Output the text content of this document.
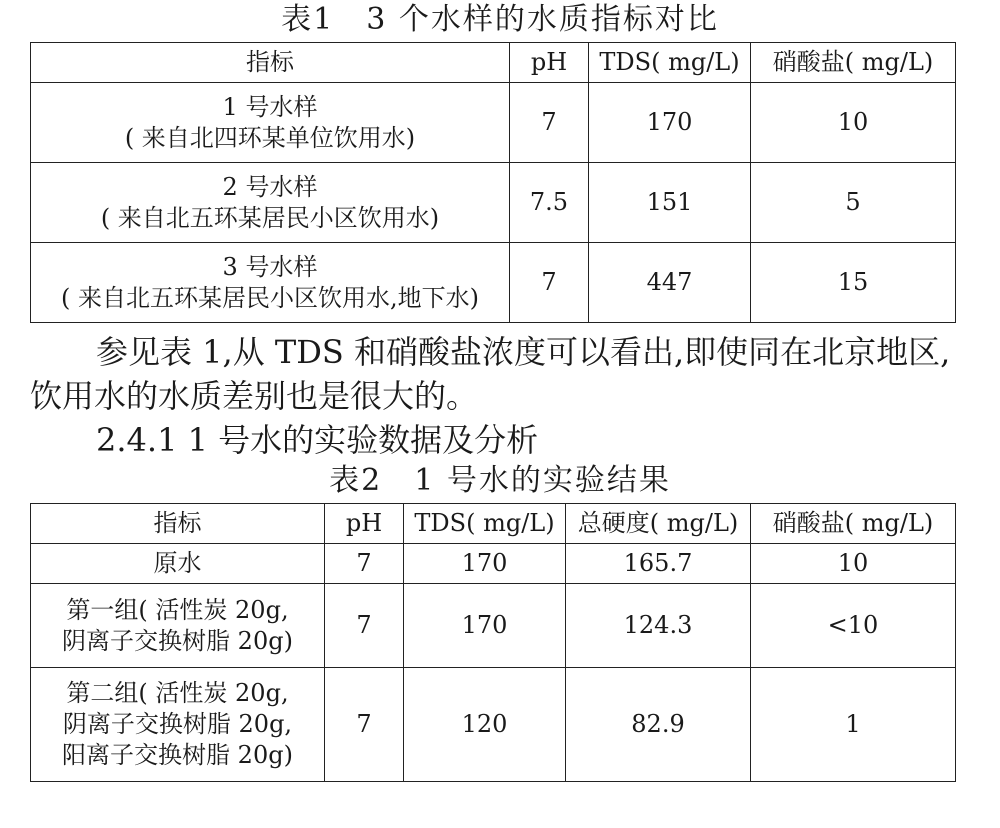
表1　3 个水样的水质指标对比
指标	pH	TDS( mg/L)	硝酸盐( mg/L)

1 号水样
( 来自北四环某单位饮用水)	7	170	10

2 号水样
( 来自北五环某居民小区饮用水)	7.5	151	5

3 号水样
( 来自北五环某居民小区饮用水,地下水)	7	447	15
参见表 1,从 TDS 和硝酸盐浓度可以看出,即使同在北京地区,饮用水的水质差别也是很大的。
2.4.1 1 号水的实验数据及分析
表2　1 号水的实验结果
指标	pH	TDS( mg/L)	总硬度( mg/L)	硝酸盐( mg/L)

原水	7	170	165.7	10

第一组( 活性炭 20g,
阴离子交换树脂 20g)	7	170	124.3	<10

第二组( 活性炭 20g,
阴离子交换树脂 20g,
阳离子交换树脂 20g)	7	120	82.9	1
